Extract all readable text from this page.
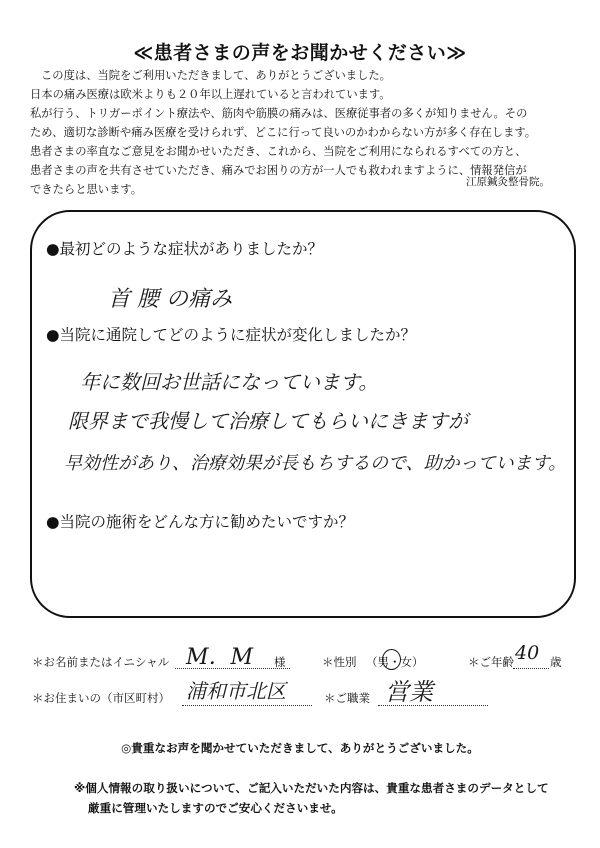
≪患者さまの声をお聞かせください≫
この度は、当院をご利用いただきまして、ありがとうございました。
日本の痛み医療は欧米よりも２０年以上遅れていると言われています。
私が行う、トリガーポイント療法や、筋肉や筋膜の痛みは、医療従事者の多くが知りません。その
ため、適切な診断や痛み医療を受けられず、どこに行って良いのかわからない方が多く存在します。
患者さまの率直なご意見をお聞かせいただき、これから、当院をご利用になられるすべての方と、
患者さまの声を共有させていただき、痛みでお困りの方が一人でも救われますように、情報発信が
できたらと思います。
江原鍼灸整骨院。
●最初どのような症状がありましたか？
首 腰 の痛み
●当院に通院してどのように症状が変化しましたか？
年に数回お世話になっています。
限界まで我慢して治療してもらいにきますが
早効性があり、治療効果が長もちするので、助かっています。
●当院の施術をどんな方に勧めたいですか？
＊お名前またはイニシャル M．M 様	＊性別 （男・女）	＊ご年齢 40 歳
＊お住まいの（市区町村） 浦和市北区	＊ご職業 営業
◎貴重なお声を聞かせていただきまして、ありがとうございました。
※個人情報の取り扱いについて、ご記入いただいた内容は、貴重な患者さまのデータとして
厳重に管理いたしますのでご安心くださいませ。
